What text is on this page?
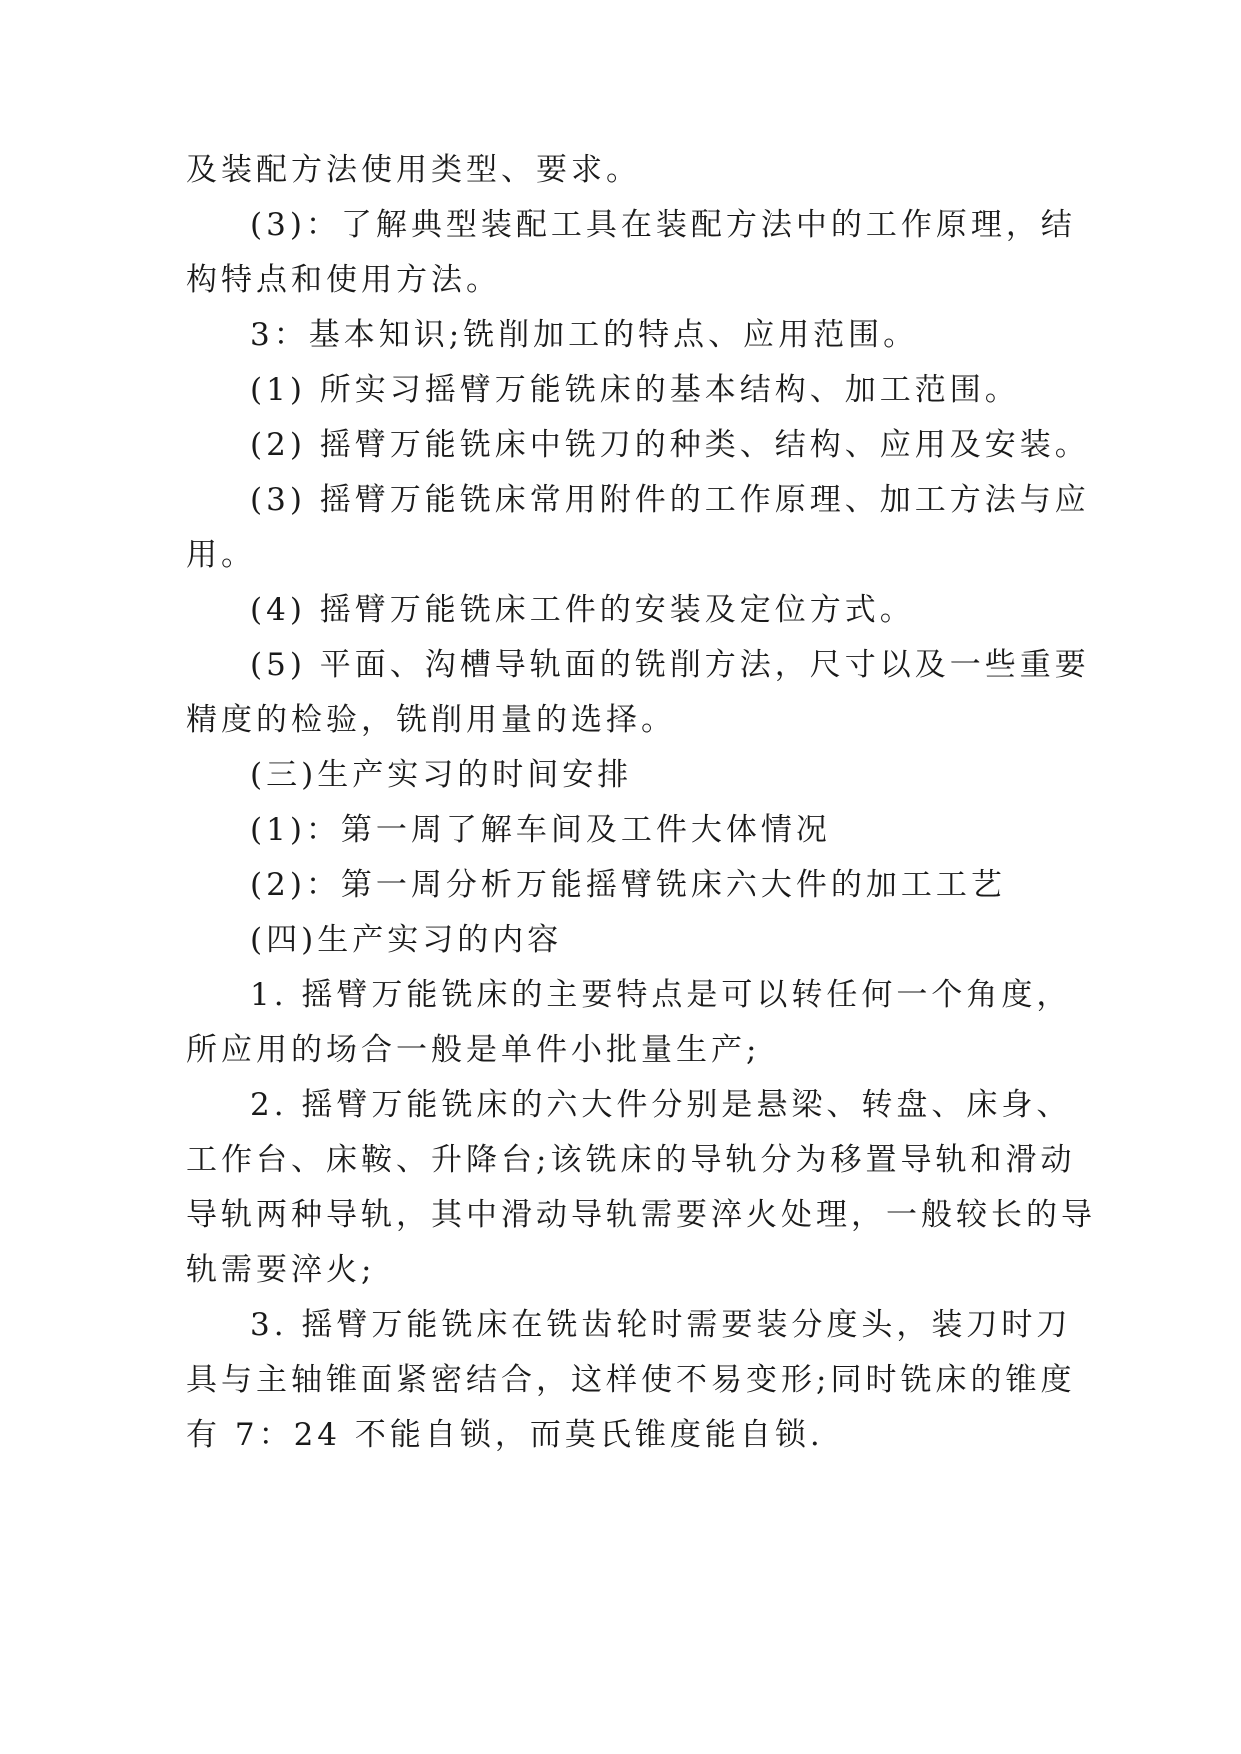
及装配方法使用类型、要求。
(3)：了解典型装配工具在装配方法中的工作原理，结
构特点和使用方法。
3：基本知识;铣削加工的特点、应用范围。
(1) 所实习摇臂万能铣床的基本结构、加工范围。
(2) 摇臂万能铣床中铣刀的种类、结构、应用及安装。
(3) 摇臂万能铣床常用附件的工作原理、加工方法与应
用。
(4) 摇臂万能铣床工件的安装及定位方式。
(5) 平面、沟槽导轨面的铣削方法，尺寸以及一些重要
精度的检验，铣削用量的选择。
(三)生产实习的时间安排
(1)：第一周了解车间及工件大体情况
(2)：第一周分析万能摇臂铣床六大件的加工工艺
(四)生产实习的内容
1. 摇臂万能铣床的主要特点是可以转任何一个角度，
所应用的场合一般是单件小批量生产;
2. 摇臂万能铣床的六大件分别是悬梁、转盘、床身、
工作台、床鞍、升降台;该铣床的导轨分为移置导轨和滑动
导轨两种导轨，其中滑动导轨需要淬火处理，一般较长的导
轨需要淬火;
3. 摇臂万能铣床在铣齿轮时需要装分度头，装刀时刀
具与主轴锥面紧密结合，这样使不易变形;同时铣床的锥度
有 7：24 不能自锁，而莫氏锥度能自锁.
